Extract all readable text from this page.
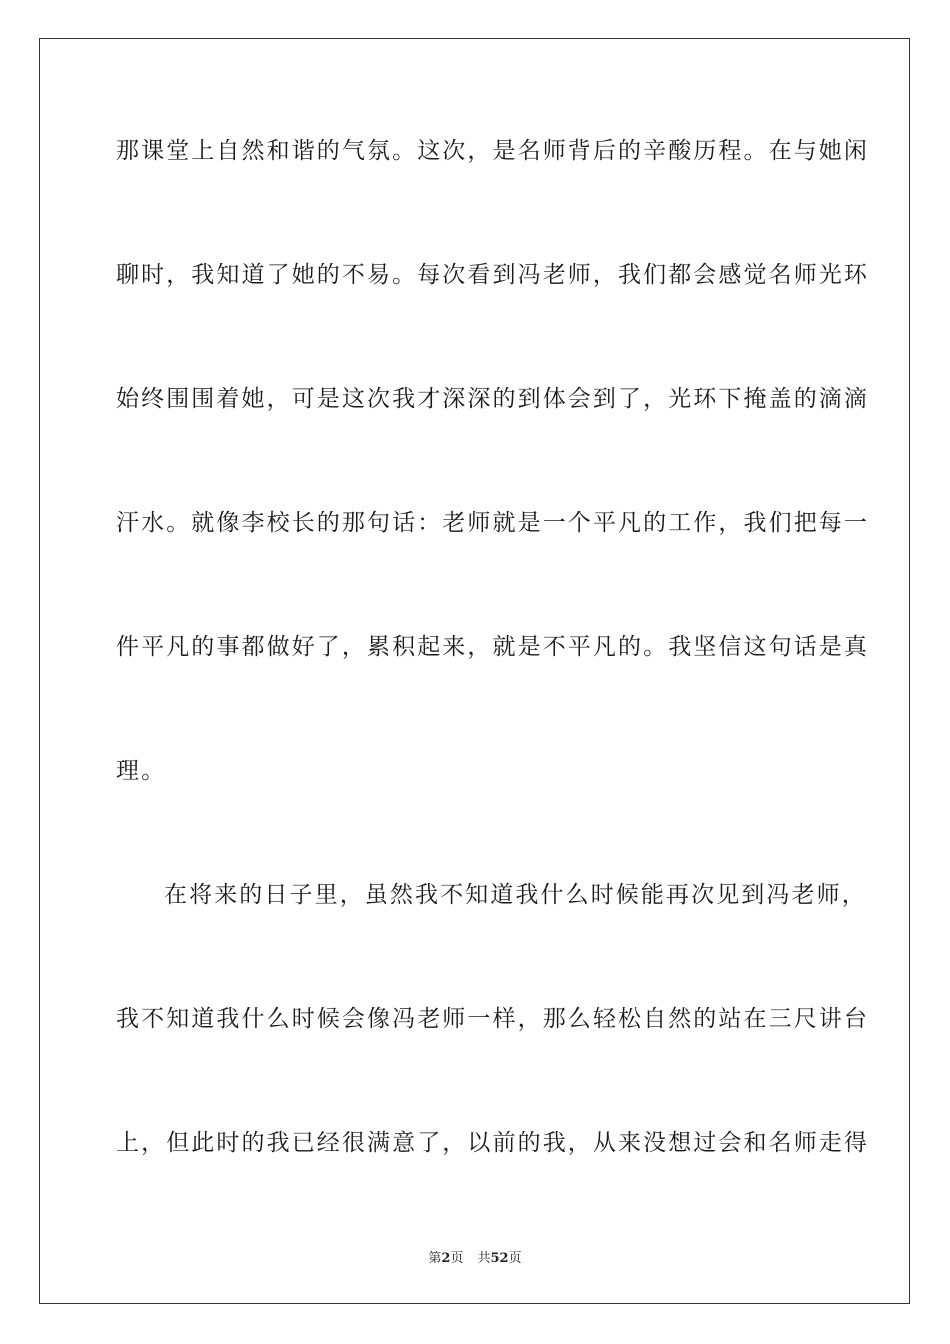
那课堂上自然和谐的气氛。这次，是名师背后的辛酸历程。在与她闲
聊时，我知道了她的不易。每次看到冯老师，我们都会感觉名师光环
始终围围着她，可是这次我才深深的到体会到了，光环下掩盖的滴滴
汗水。就像李校长的那句话：老师就是一个平凡的工作，我们把每一
件平凡的事都做好了，累积起来，就是不平凡的。我坚信这句话是真
理。
在将来的日子里，虽然我不知道我什么时候能再次见到冯老师，
我不知道我什么时候会像冯老师一样，那么轻松自然的站在三尺讲台
上，但此时的我已经很满意了，以前的我，从来没想过会和名师走得
第2页 共52页
